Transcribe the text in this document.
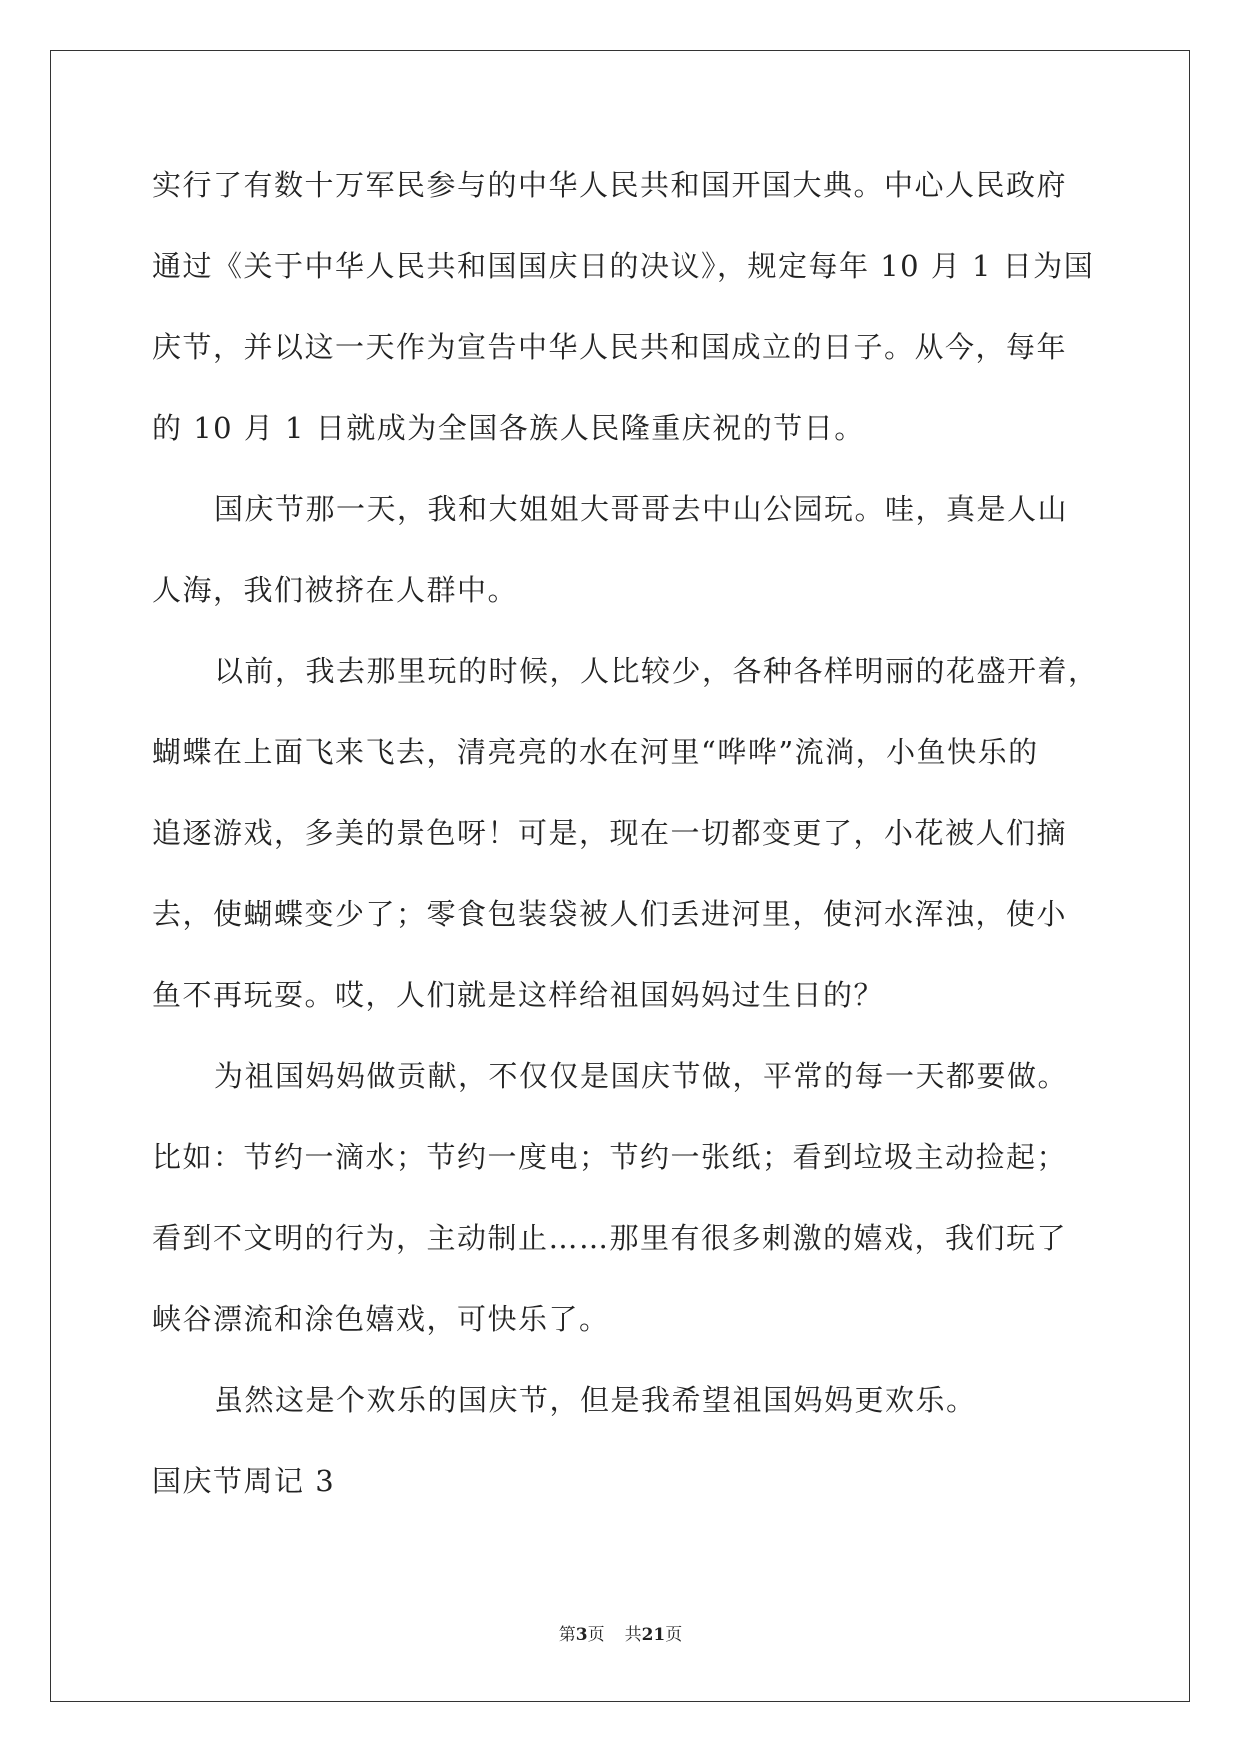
实行了有数十万军民参与的中华人民共和国开国大典。中心人民政府
通过《关于中华人民共和国国庆日的决议》，规定每年 10 月 1 日为国
庆节，并以这一天作为宣告中华人民共和国成立的日子。从今，每年
的 10 月 1 日就成为全国各族人民隆重庆祝的节日。
国庆节那一天，我和大姐姐大哥哥去中山公园玩。哇，真是人山
人海，我们被挤在人群中。
以前，我去那里玩的时候，人比较少，各种各样明丽的花盛开着，
蝴蝶在上面飞来飞去，清亮亮的水在河里“哗哗”流淌，小鱼快乐的
追逐游戏，多美的景色呀！可是，现在一切都变更了，小花被人们摘
去，使蝴蝶变少了；零食包装袋被人们丢进河里，使河水浑浊，使小
鱼不再玩耍。哎，人们就是这样给祖国妈妈过生日的？
为祖国妈妈做贡献，不仅仅是国庆节做，平常的每一天都要做。
比如：节约一滴水；节约一度电；节约一张纸；看到垃圾主动捡起；
看到不文明的行为，主动制止……那里有很多刺激的嬉戏，我们玩了
峡谷漂流和涂色嬉戏，可快乐了。
虽然这是个欢乐的国庆节，但是我希望祖国妈妈更欢乐。
国庆节周记 3
第3页 共21页
